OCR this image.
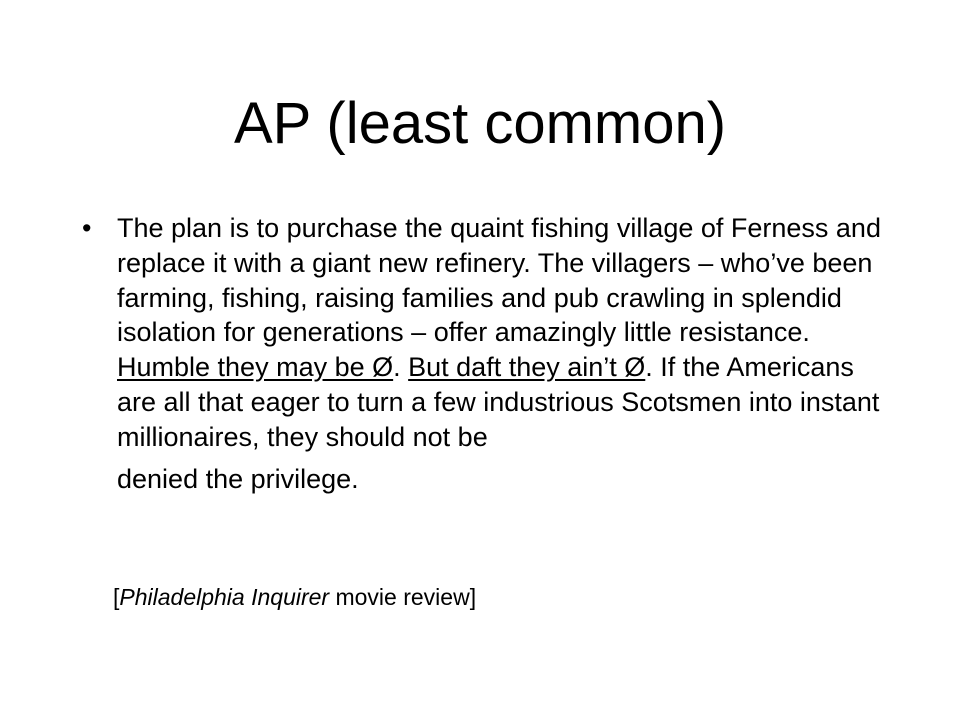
AP (least common)

• The plan is to purchase the quaint fishing village of Ferness and replace it with a giant new refinery. The villagers – who’ve been farming, fishing, raising families and pub crawling in splendid isolation for generations – offer amazingly little resistance. Humble they may be Ø. But daft they ain’t Ø. If the Americans are all that eager to turn a few industrious Scotsmen into instant millionaires, they should not be
denied the privilege.

[Philadelphia Inquirer movie review]
